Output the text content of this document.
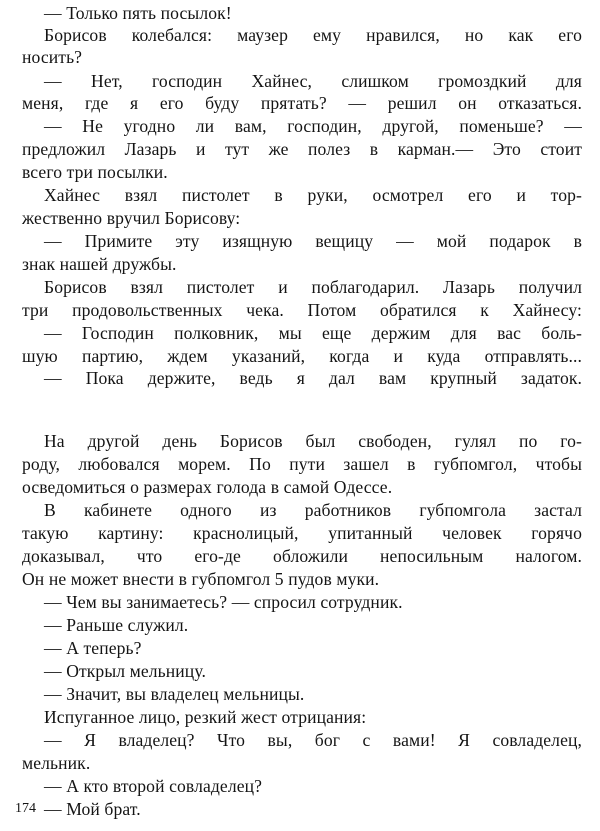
— Только пять посылок!
Борисов колебался: маузер ему нравился, но как его
носить?
— Нет, господин Хайнес, слишком громоздкий для
меня, где я его буду прятать? — решил он отказаться.
— Не угодно ли вам, господин, другой, поменьше? —
предложил Лазарь и тут же полез в карман.— Это стоит
всего три посылки.
Хайнес взял пистолет в руки, осмотрел его и тор-
жественно вручил Борисову:
— Примите эту изящную вещицу — мой подарок в
знак нашей дружбы.
Борисов взял пистолет и поблагодарил. Лазарь получил
три продовольственных чека. Потом обратился к Хайнесу:
— Господин полковник, мы еще держим для вас боль-
шую партию, ждем указаний, когда и куда отправлять...
— Пока держите, ведь я дал вам крупный задаток.
На другой день Борисов был свободен, гулял по го-
роду, любовался морем. По пути зашел в губпомгол, чтобы
осведомиться о размерах голода в самой Одессе.
В кабинете одного из работников губпомгола застал
такую картину: краснолицый, упитанный человек горячо
доказывал, что его-де обложили непосильным налогом.
Он не может внести в губпомгол 5 пудов муки.
— Чем вы занимаетесь? — спросил сотрудник.
— Раньше служил.
— А теперь?
— Открыл мельницу.
— Значит, вы владелец мельницы.
Испуганное лицо, резкий жест отрицания:
— Я владелец? Что вы, бог с вами! Я совладелец,
мельник.
— А кто второй совладелец?
— Мой брат.
174
